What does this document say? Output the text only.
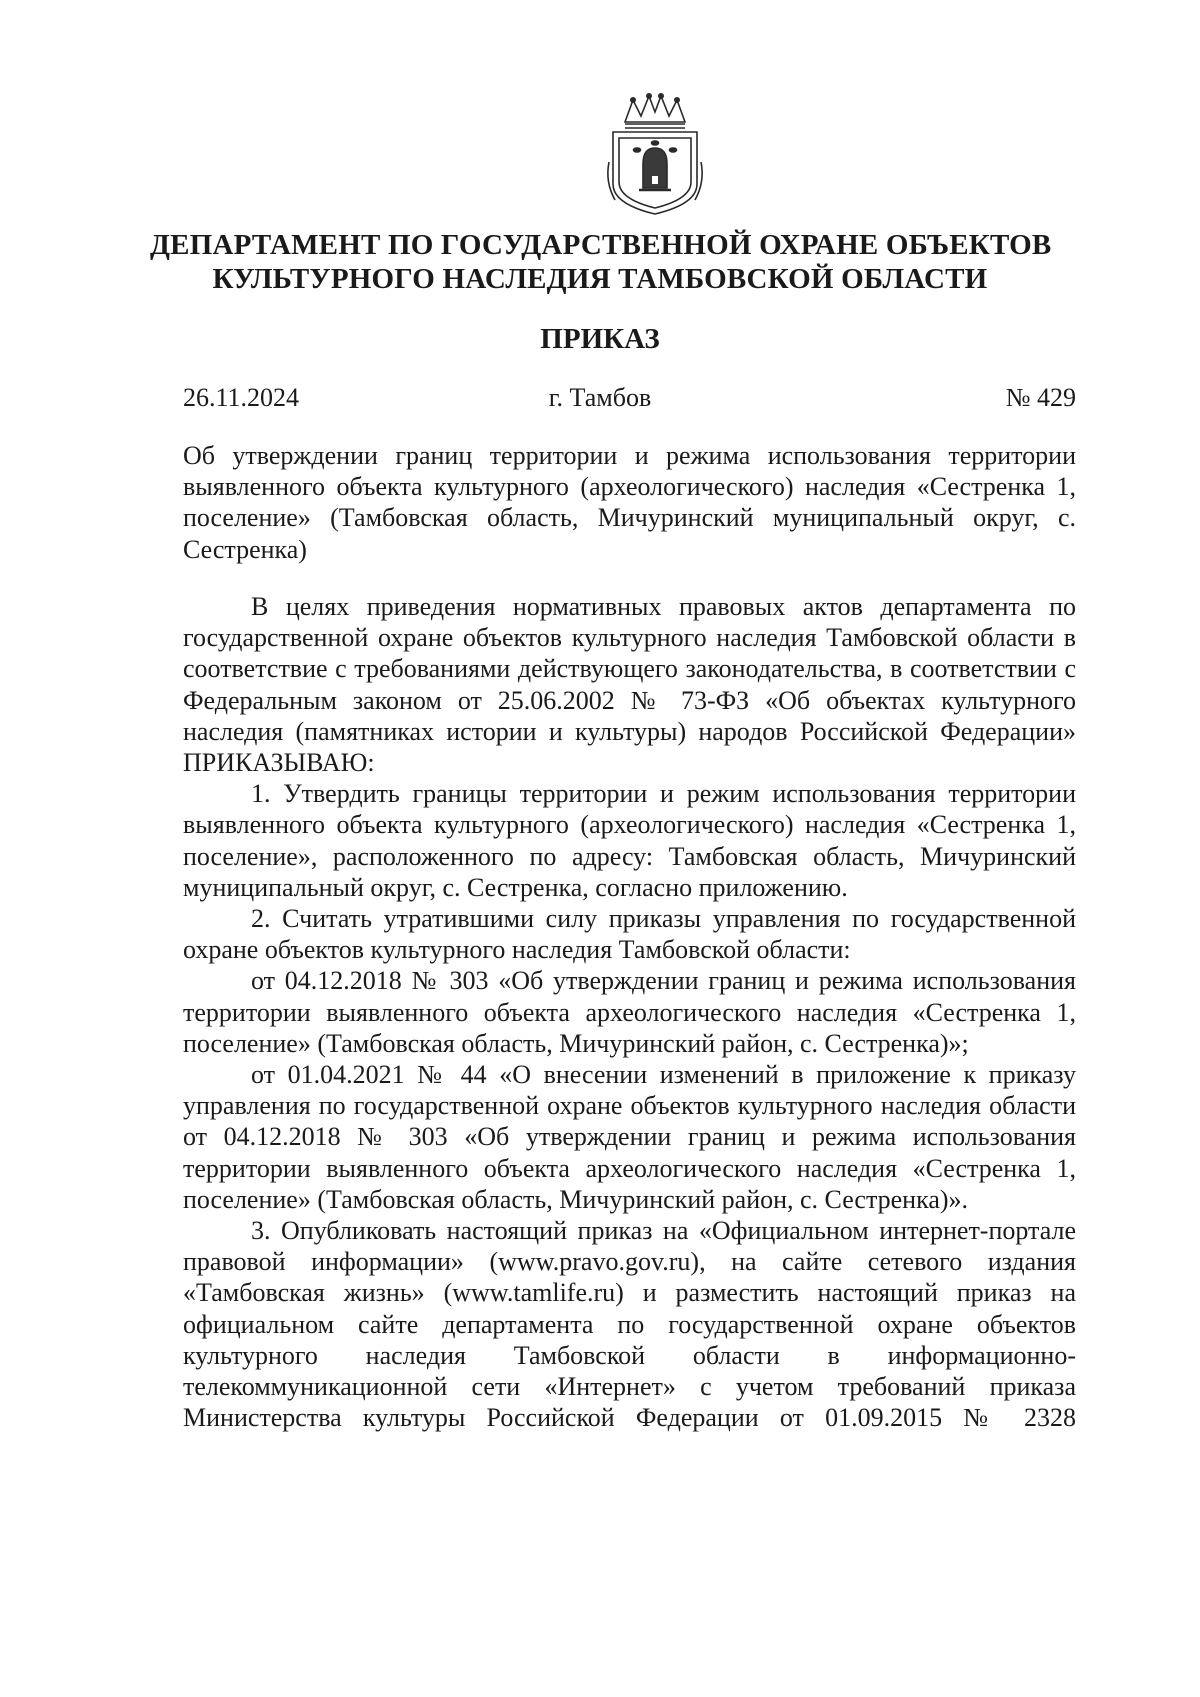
ДЕПАРТАМЕНТ ПО ГОСУДАРСТВЕННОЙ ОХРАНЕ ОБЪЕКТОВ
КУЛЬТУРНОГО НАСЛЕДИЯ ТАМБОВСКОЙ ОБЛАСТИ
ПРИКАЗ
26.11.2024	г. Тамбов	№ 429

Об утверждении границ территории и режима использования территории выявленного объекта культурного (археологического) наследия «Сестренка 1, поселение» (Тамбовская область, Мичуринский муниципальный округ, с. Сестренка)

В целях приведения нормативных правовых актов департамента по государственной охране объектов культурного наследия Тамбовской области в соответствие с требованиями действующего законодательства, в соответствии с Федеральным законом от 25.06.2002 № 73-ФЗ «Об объектах культурного наследия (памятниках истории и культуры) народов Российской Федерации» ПРИКАЗЫВАЮ:

1. Утвердить границы территории и режим использования территории выявленного объекта культурного (археологического) наследия «Сестренка 1, поселение», расположенного по адресу: Тамбовская область, Мичуринский муниципальный округ, с. Сестренка, согласно приложению.

2. Считать утратившими силу приказы управления по государственной охране объектов культурного наследия Тамбовской области:

от 04.12.2018 № 303 «Об утверждении границ и режима использования территории выявленного объекта археологического наследия «Сестренка 1, поселение» (Тамбовская область, Мичуринский район, с. Сестренка)»;

от 01.04.2021 № 44 «О внесении изменений в приложение к приказу управления по государственной охране объектов культурного наследия области от 04.12.2018 № 303 «Об утверждении границ и режима использования территории выявленного объекта археологического наследия «Сестренка 1, поселение» (Тамбовская область, Мичуринский район, с. Сестренка)».

3. Опубликовать настоящий приказ на «Официальном интернет-портале правовой информации» (www.pravo.gov.ru), на сайте сетевого издания «Тамбовская жизнь» (www.tamlife.ru) и разместить настоящий приказ на официальном сайте департамента по государственной охране объектов культурного наследия Тамбовской области в информационно-телекоммуникационной сети «Интернет» с учетом требований приказа Министерства культуры Российской Федерации от 01.09.2015 № 2328
